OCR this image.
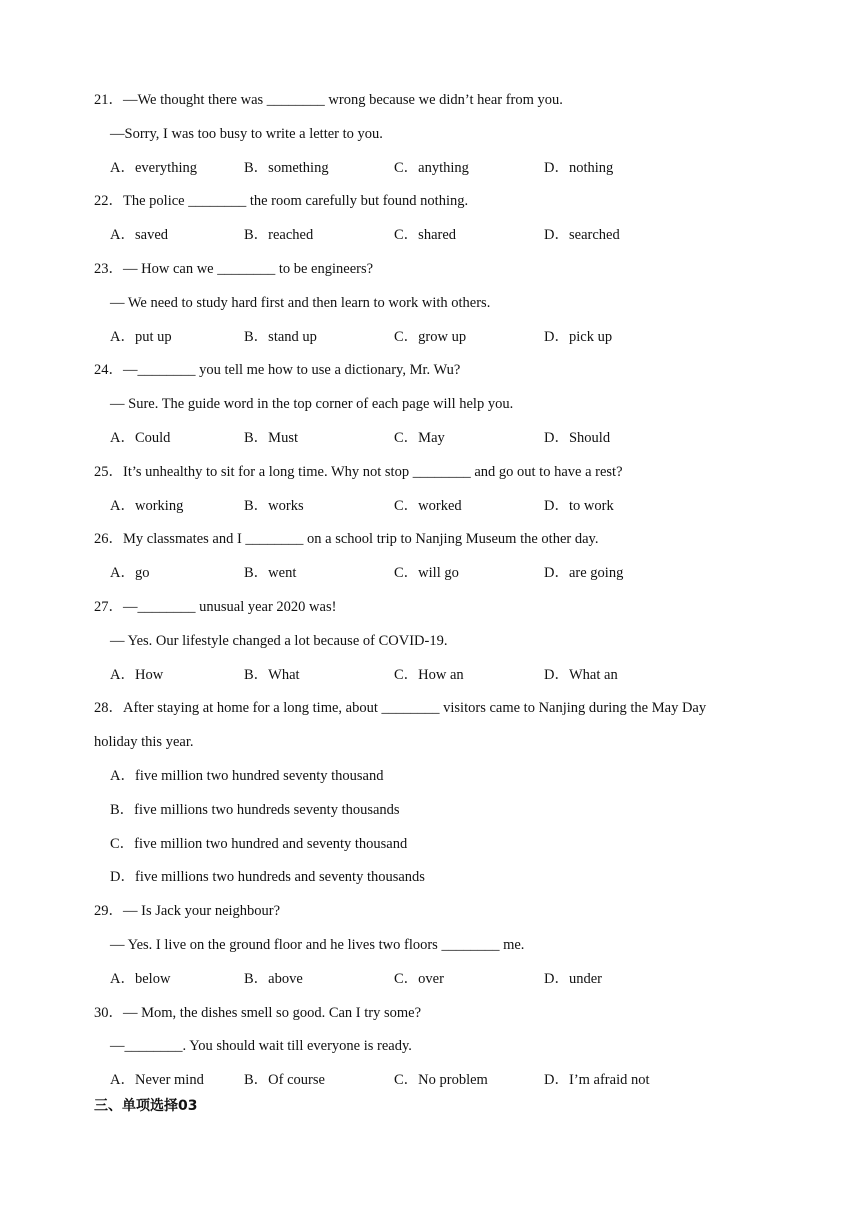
21．—We thought there was ________ wrong because we didn’t hear from you.
—Sorry, I was too busy to write a letter to you.
A．everything	B．something	C．anything	D．nothing
22．The police ________ the room carefully but found nothing.
A．saved	B．reached	C．shared	D．searched
23．— How can we ________ to be engineers?
— We need to study hard first and then learn to work with others.
A．put up	B．stand up	C．grow up	D．pick up
24．—________ you tell me how to use a dictionary, Mr. Wu?
— Sure. The guide word in the top corner of each page will help you.
A．Could	B．Must	C．May	D．Should
25．It’s unhealthy to sit for a long time. Why not stop ________ and go out to have a rest?
A．working	B．works	C．worked	D．to work
26．My classmates and I ________ on a school trip to Nanjing Museum the other day.
A．go	B．went	C．will go	D．are going
27．—________ unusual year 2020 was!
— Yes. Our lifestyle changed a lot because of COVID-19.
A．How	B．What	C．How an	D．What an
28．After staying at home for a long time, about ________ visitors came to Nanjing during the May Day
holiday this year.
A．five million two hundred seventy thousand
B．five millions two hundreds seventy thousands
C．five million two hundred and seventy thousand
D．five millions two hundreds and seventy thousands
29．— Is Jack your neighbour?
— Yes. I live on the ground floor and he lives two floors ________ me.
A．below	B．above	C．over	D．under
30．— Mom, the dishes smell so good. Can I try some?
—________. You should wait till everyone is ready.
A．Never mind	B．Of course	C．No problem	D．I’m afraid not
三、单项选择03
